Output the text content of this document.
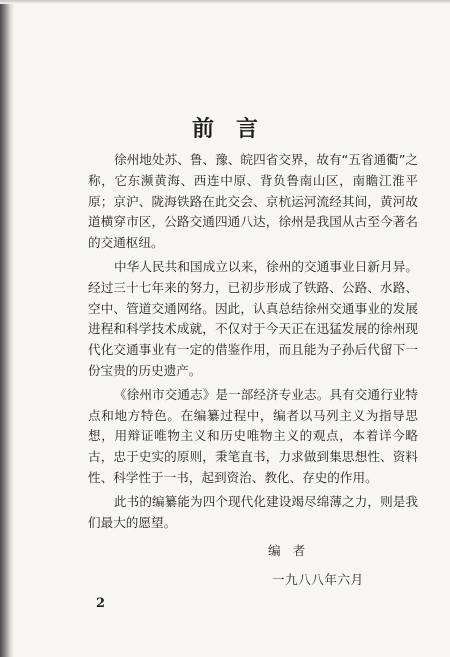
前言

徐州地处苏、鲁、豫、皖四省交界，故有“五省通衢”之称，它东濒黄海、西连中原、背负鲁南山区，南瞻江淮平原；京沪、陇海铁路在此交会、京杭运河流经其间，黄河故道横穿市区，公路交通四通八达，徐州是我国从古至今著名的交通枢纽。

中华人民共和国成立以来，徐州的交通事业日新月异。经过三十七年来的努力，已初步形成了铁路、公路、水路、空中、管道交通网络。因此，认真总结徐州交通事业的发展进程和科学技术成就，不仅对于今天正在迅猛发展的徐州现代化交通事业有一定的借鉴作用，而且能为子孙后代留下一份宝贵的历史遗产。

《徐州市交通志》是一部经济专业志。具有交通行业特点和地方特色。在编纂过程中，编者以马列主义为指导思想，用辩证唯物主义和历史唯物主义的观点，本着详今略古，忠于史实的原则，秉笔直书，力求做到集思想性、资料性、科学性于一书，起到资治、教化、存史的作用。

此书的编纂能为四个现代化建设竭尽绵薄之力，则是我们最大的愿望。

编者
一九八八年六月
2
